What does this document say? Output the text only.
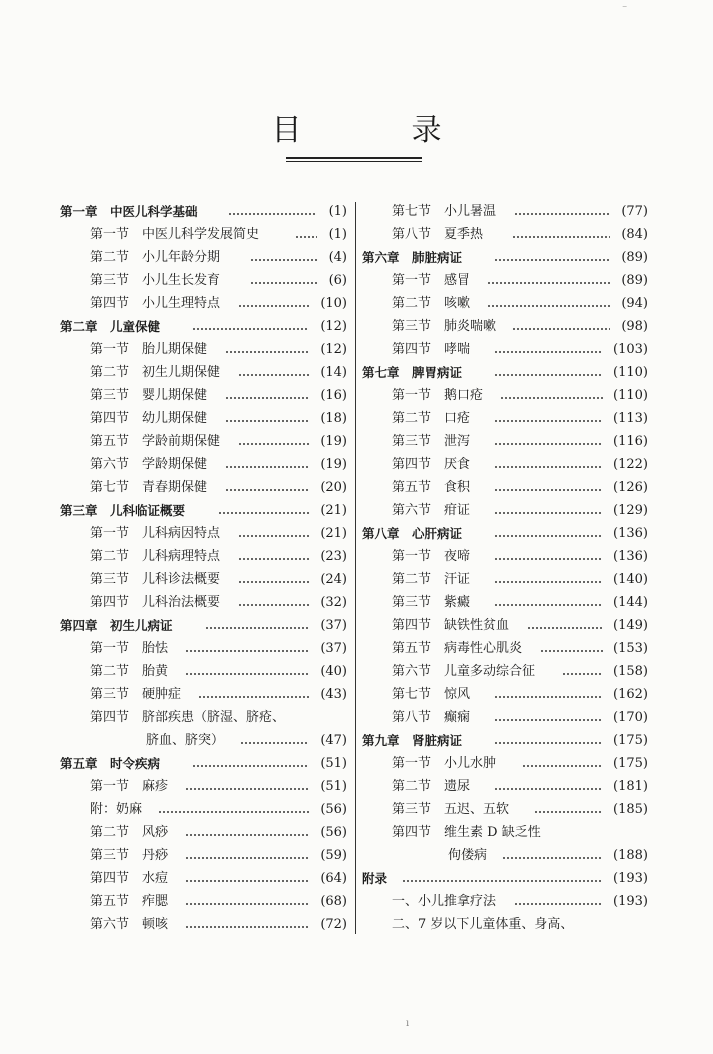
目　录
第一章　中医儿科学基础	(1)
第一节　中医儿科学发展简史	(1)
第二节　小儿年龄分期	(4)
第三节　小儿生长发育	(6)
第四节　小儿生理特点	(10)
第二章　儿童保健	(12)
第一节　胎儿期保健	(12)
第二节　初生儿期保健	(14)
第三节　婴儿期保健	(16)
第四节　幼儿期保健	(18)
第五节　学龄前期保健	(19)
第六节　学龄期保健	(19)
第七节　青春期保健	(20)
第三章　儿科临证概要	(21)
第一节　儿科病因特点	(21)
第二节　儿科病理特点	(23)
第三节　儿科诊法概要	(24)
第四节　儿科治法概要	(32)
第四章　初生儿病证	(37)
第一节　胎怯	(37)
第二节　胎黄	(40)
第三节　硬肿症	(43)
第四节　脐部疾患（脐湿、脐疮、
脐血、脐突）	(47)
第五章　时令疾病	(51)
第一节　麻疹	(51)
附：奶麻	(56)
第二节　风痧	(56)
第三节　丹痧	(59)
第四节　水痘	(64)
第五节　痄腮	(68)
第六节　顿咳	(72)
第七节　小儿暑温	(77)
第八节　夏季热	(84)
第六章　肺脏病证	(89)
第一节　感冒	(89)
第二节　咳嗽	(94)
第三节　肺炎喘嗽	(98)
第四节　哮喘	(103)
第七章　脾胃病证	(110)
第一节　鹅口疮	(110)
第二节　口疮	(113)
第三节　泄泻	(116)
第四节　厌食	(122)
第五节　食积	(126)
第六节　疳证	(129)
第八章　心肝病证	(136)
第一节　夜啼	(136)
第二节　汗证	(140)
第三节　紫癜	(144)
第四节　缺铁性贫血	(149)
第五节　病毒性心肌炎	(153)
第六节　儿童多动综合征	(158)
第七节　惊风	(162)
第八节　癫痫	(170)
第九章　肾脏病证	(175)
第一节　小儿水肿	(175)
第二节　遗尿	(181)
第三节　五迟、五软	(185)
第四节　维生素 D 缺乏性
佝偻病	(188)
附录	(193)
一、小儿推拿疗法	(193)
二、7 岁以下儿童体重、身高、
⁻
ı
